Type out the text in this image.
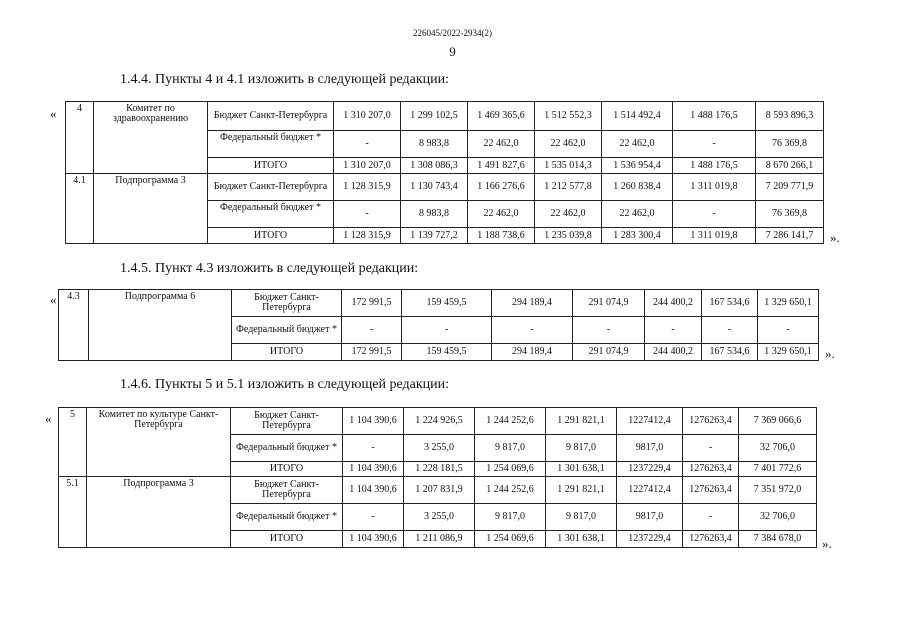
226045/2022-2934(2)
9
1.4.4. Пункты 4 и 4.1 изложить в следующей редакции:
« 4	Комитет по здравоохранению	Бюджет Санкт-Петербурга	1 310 207,0	1 299 102,5	1 469 365,6	1 512 552,3	1 514 492,4	1 488 176,5	8 593 896,3
		Федеральный бюджет *	-	8 983,8	22 462,0	22 462,0	22 462,0	-	76 369,8
		ИТОГО	1 310 207,0	1 308 086,3	1 491 827,6	1 535 014,3	1 536 954,4	1 488 176,5	8 670 266,1
4.1	Подпрограмма 3	Бюджет Санкт-Петербурга	1 128 315,9	1 130 743,4	1 166 276,6	1 212 577,8	1 260 838,4	1 311 019,8	7 209 771,9
		Федеральный бюджет *	-	8 983,8	22 462,0	22 462,0	22 462,0	-	76 369,8
		ИТОГО	1 128 315,9	1 139 727,2	1 188 738,6	1 235 039,8	1 283 300,4	1 311 019,8	7 286 141,7 ».
1.4.5. Пункт 4.3 изложить в следующей редакции:
« 4.3	Подпрограмма 6	Бюджет Санкт-Петербурга	172 991,5	159 459,5	294 189,4	291 074,9	244 400,2	167 534,6	1 329 650,1
		Федеральный бюджет *	-	-	-	-	-	-	-
		ИТОГО	172 991,5	159 459,5	294 189,4	291 074,9	244 400,2	167 534,6	1 329 650,1 ».
1.4.6. Пункты 5 и 5.1 изложить в следующей редакции:
« 5	Комитет по культуре Санкт-Петербурга	Бюджет Санкт-Петербурга	1 104 390,6	1 224 926,5	1 244 252,6	1 291 821,1	1227412,4	1276263,4	7 369 066,6
		Федеральный бюджет *	-	3 255,0	9 817,0	9 817,0	9817,0	-	32 706,0
		ИТОГО	1 104 390,6	1 228 181,5	1 254 069,6	1 301 638,1	1237229,4	1276263,4	7 401 772,6
5.1	Подпрограмма 3	Бюджет Санкт-Петербурга	1 104 390,6	1 207 831,9	1 244 252,6	1 291 821,1	1227412,4	1276263,4	7 351 972,0
		Федеральный бюджет *	-	3 255,0	9 817,0	9 817,0	9817,0	-	32 706,0
		ИТОГО	1 104 390,6	1 211 086,9	1 254 069,6	1 301 638,1	1237229,4	1276263,4	7 384 678,0 ».
